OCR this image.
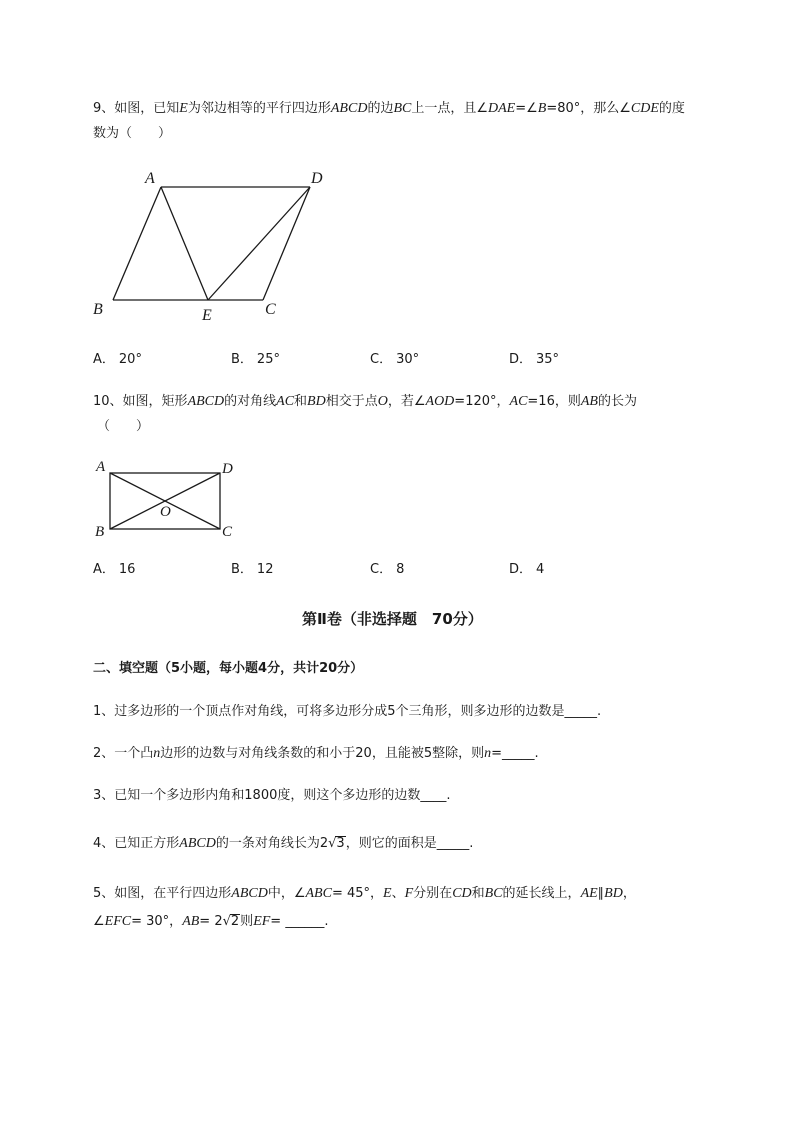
9、如图，已知E为邻边相等的平行四边形ABCD的边BC上一点，且∠DAE=∠B=80°，那么∠CDE的度
数为（　　）
A	D
B	E	C
A． 20°	B． 25°	C． 30°	D． 35°
10、如图，矩形ABCD的对角线AC和BD相交于点O，若∠AOD=120°，AC=16，则AB的长为
（　　）
A	D
B	C
O
A． 16	B． 12	C． 8	D． 4
第Ⅱ卷（非选择题　70分）
二、填空题（5小题，每小题4分，共计20分）
1、过多边形的一个顶点作对角线，可将多边形分成5个三角形，则多边形的边数是_____.
2、一个凸n边形的边数与对角线条数的和小于20，且能被5整除，则n=_____.
3、已知一个多边形内角和1800度，则这个多边形的边数____.
4、已知正方形ABCD的一条对角线长为2√3，则它的面积是_____.
5、如图，在平行四边形ABCD中，∠ABC= 45°，E、F分别在CD和BC的延长线上，AE∥BD，
∠EFC= 30°，AB= 2√2则EF= ______.
